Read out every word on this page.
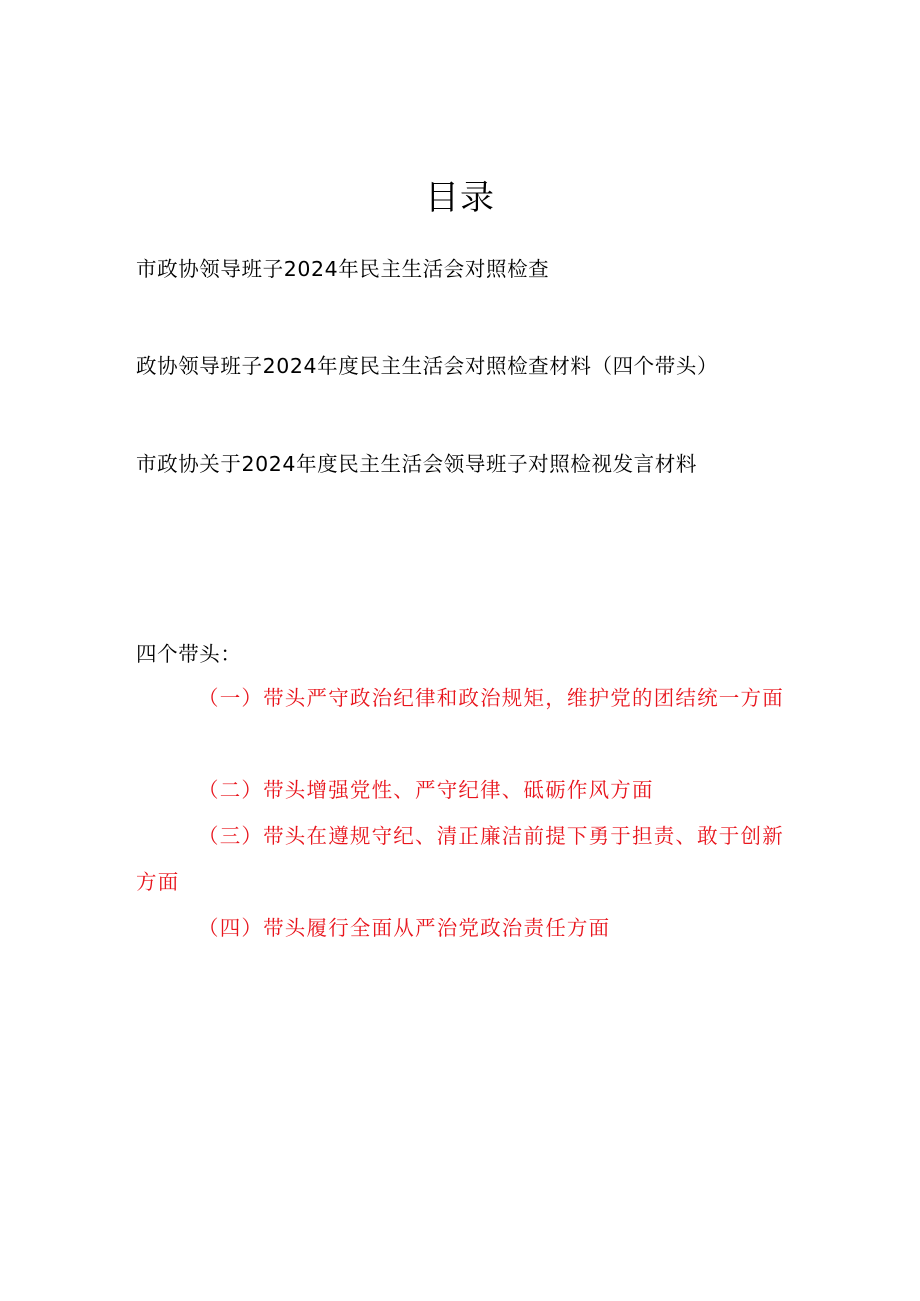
目录
市政协领导班子2024年民主生活会对照检查
政协领导班子2024年度民主生活会对照检查材料（四个带头）
市政协关于2024年度民主生活会领导班子对照检视发言材料
四个带头：
（一）带头严守政治纪律和政治规矩，维护党的团结统一方面
（二）带头增强党性、严守纪律、砥砺作风方面
（三）带头在遵规守纪、清正廉洁前提下勇于担责、敢于创新方面
（四）带头履行全面从严治党政治责任方面
